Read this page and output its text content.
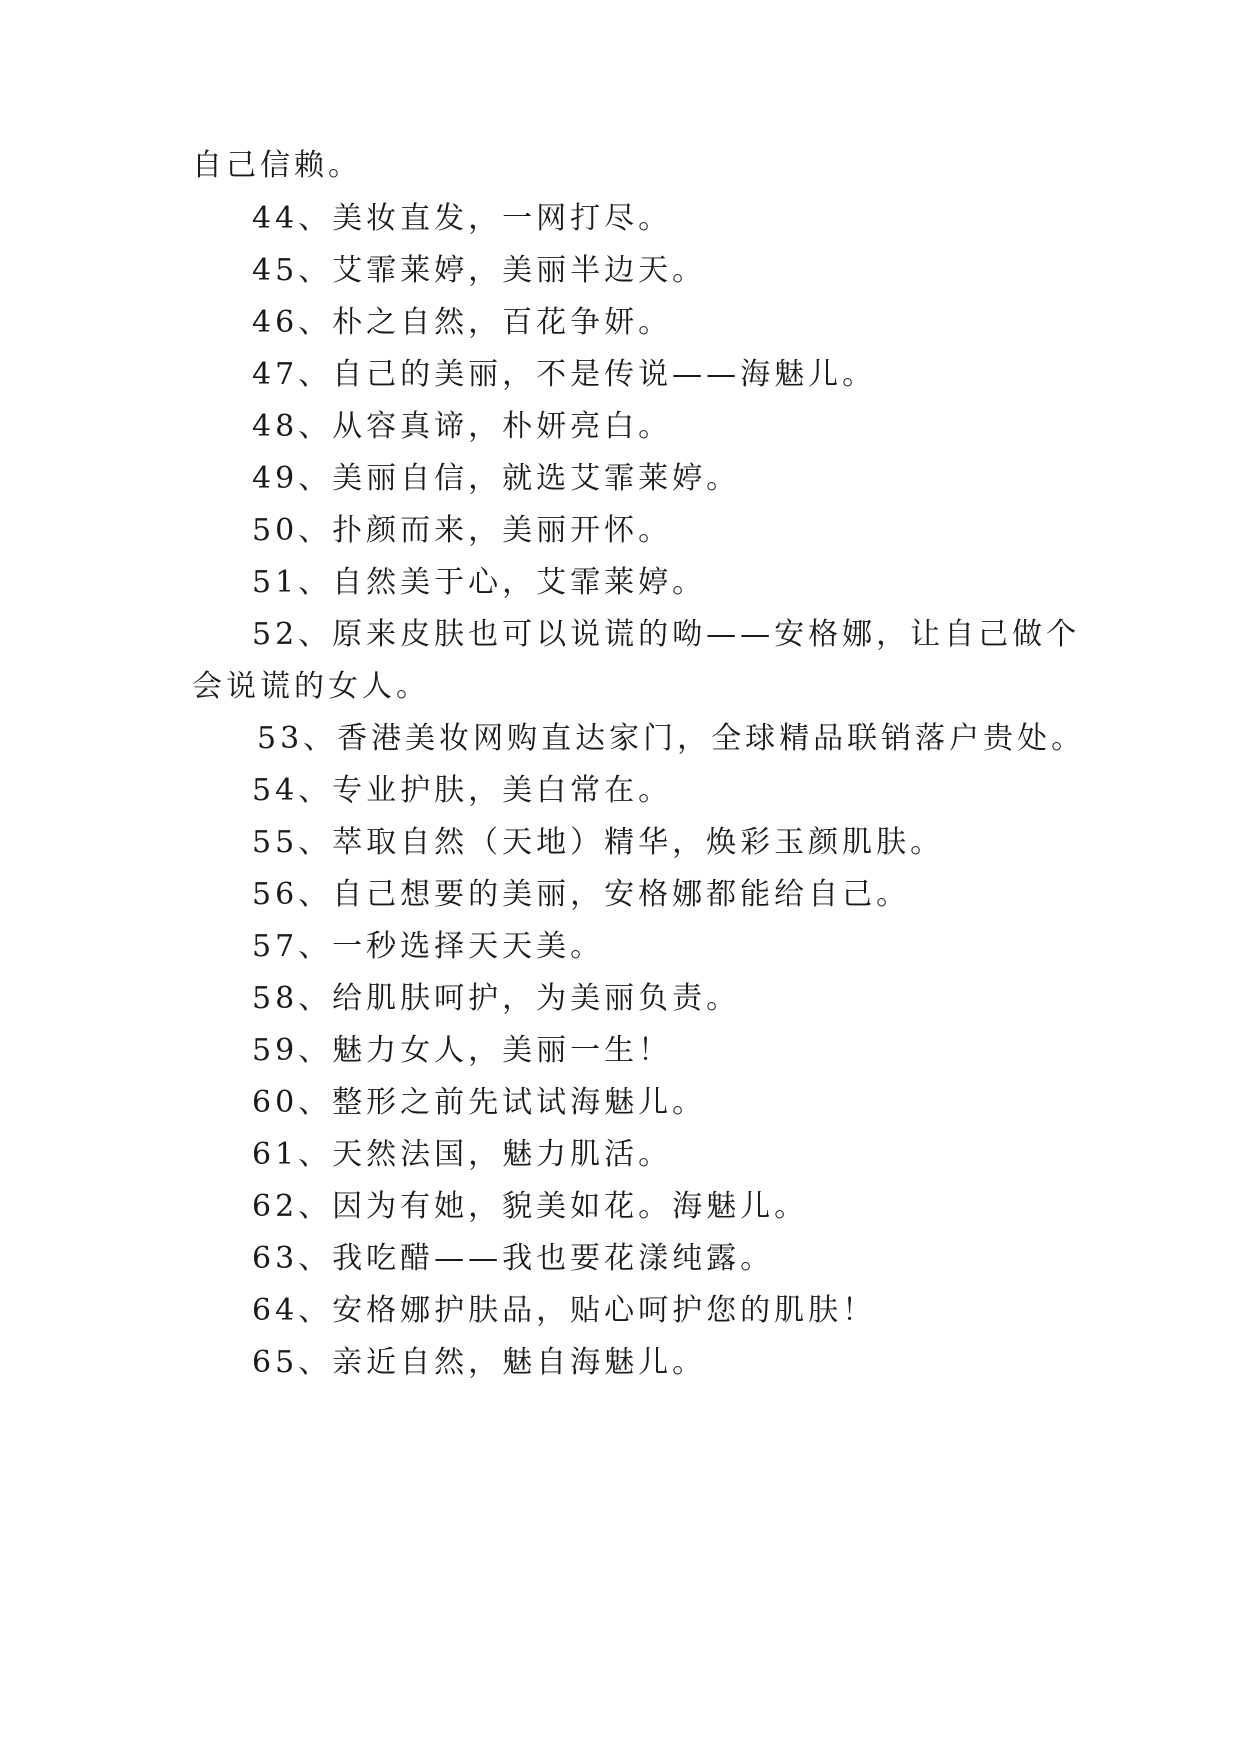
自己信赖。
44、美妆直发，一网打尽。
45、艾霏莱婷，美丽半边天。
46、朴之自然，百花争妍。
47、自己的美丽，不是传说——海魅儿。
48、从容真谛，朴妍亮白。
49、美丽自信，就选艾霏莱婷。
50、扑颜而来，美丽开怀。
51、自然美于心，艾霏莱婷。
52、原来皮肤也可以说谎的呦——安格娜，让自己做个
会说谎的女人。
53、香港美妆网购直达家门，全球精品联销落户贵处。
54、专业护肤，美白常在。
55、萃取自然（天地）精华，焕彩玉颜肌肤。
56、自己想要的美丽，安格娜都能给自己。
57、一秒选择天天美。
58、给肌肤呵护，为美丽负责。
59、魅力女人，美丽一生！
60、整形之前先试试海魅儿。
61、天然法国，魅力肌活。
62、因为有她，貌美如花。海魅儿。
63、我吃醋——我也要花漾纯露。
64、安格娜护肤品，贴心呵护您的肌肤！
65、亲近自然，魅自海魅儿。
